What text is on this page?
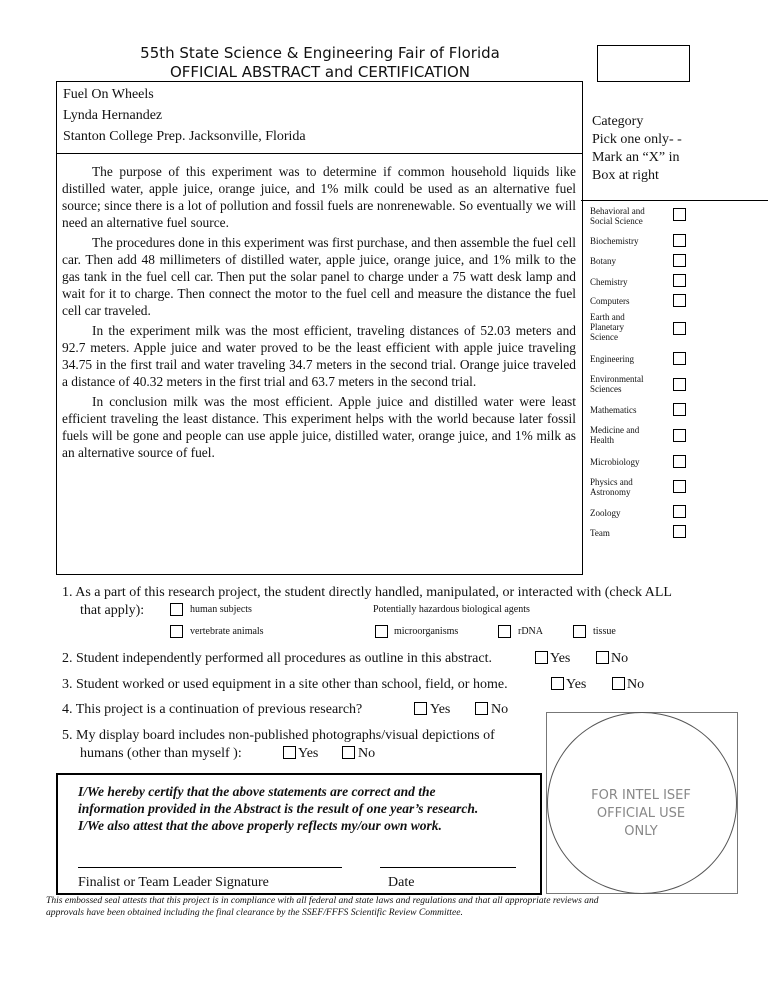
55th State Science & Engineering Fair of Florida
OFFICIAL ABSTRACT and CERTIFICATION
Fuel On Wheels
Lynda Hernandez
Stanton College Prep. Jacksonville, Florida

The purpose of this experiment was to determine if common household liquids like distilled water, apple juice, orange juice, and 1% milk could be used as an alternative fuel source; since there is a lot of pollution and fossil fuels are nonrenewable. So eventually we will need an alternative fuel source.

The procedures done in this experiment was first purchase, and then assemble the fuel cell car. Then add 48 millimeters of distilled water, apple juice, orange juice, and 1% milk to the gas tank in the fuel cell car. Then put the solar panel to charge under a 75 watt desk lamp and wait for it to charge. Then connect the motor to the fuel cell and measure the distance the fuel cell car traveled.

In the experiment milk was the most efficient, traveling distances of 52.03 meters and 92.7 meters. Apple juice and water proved to be the least efficient with apple juice traveling 34.75 in the first trail and water traveling 34.7 meters in the second trial. Orange juice traveled a distance of 40.32 meters in the first trial and 63.7 meters in the second trial.

In conclusion milk was the most efficient. Apple juice and distilled water were least efficient traveling the least distance. This experiment helps with the world because later fossil fuels will be gone and people can use apple juice, distilled water, orange juice, and 1% milk as an alternative source of fuel.

Category
Pick one only- -
Mark an “X” in
Box at right
Behavioral and
Social Science
Biochemistry
Botany
Chemistry
Computers
Earth and
Planetary
Science
Engineering
Environmental
Sciences
Mathematics
Medicine and
Health
Microbiology
Physics and
Astronomy
Zoology
Team
1. As a part of this research project, the student directly handled, manipulated, or interacted with (check ALL
that apply):	human subjects	Potentially hazardous biological agents
vertebrate animals	microorganisms	rDNA	tissue
2. Student independently performed all procedures as outline in this abstract.	Yes	No
3. Student worked or used equipment in a site other than school, field, or home.	Yes	No
4. This project is a continuation of previous research?	Yes	No
5. My display board includes non-published photographs/visual depictions of
humans (other than myself ):	Yes	No
I/We hereby certify that the above statements are correct and the
information provided in the Abstract is the result of one year’s research.
I/We also attest that the above properly reflects my/our own work.
Finalist or Team Leader Signature	Date
FOR INTEL ISEF
OFFICIAL USE
ONLY
This embossed seal attests that this project is in compliance with all federal and state laws and regulations and that all appropriate reviews and
approvals have been obtained including the final clearance by the SSEF/FFFS Scientific Review Committee.
